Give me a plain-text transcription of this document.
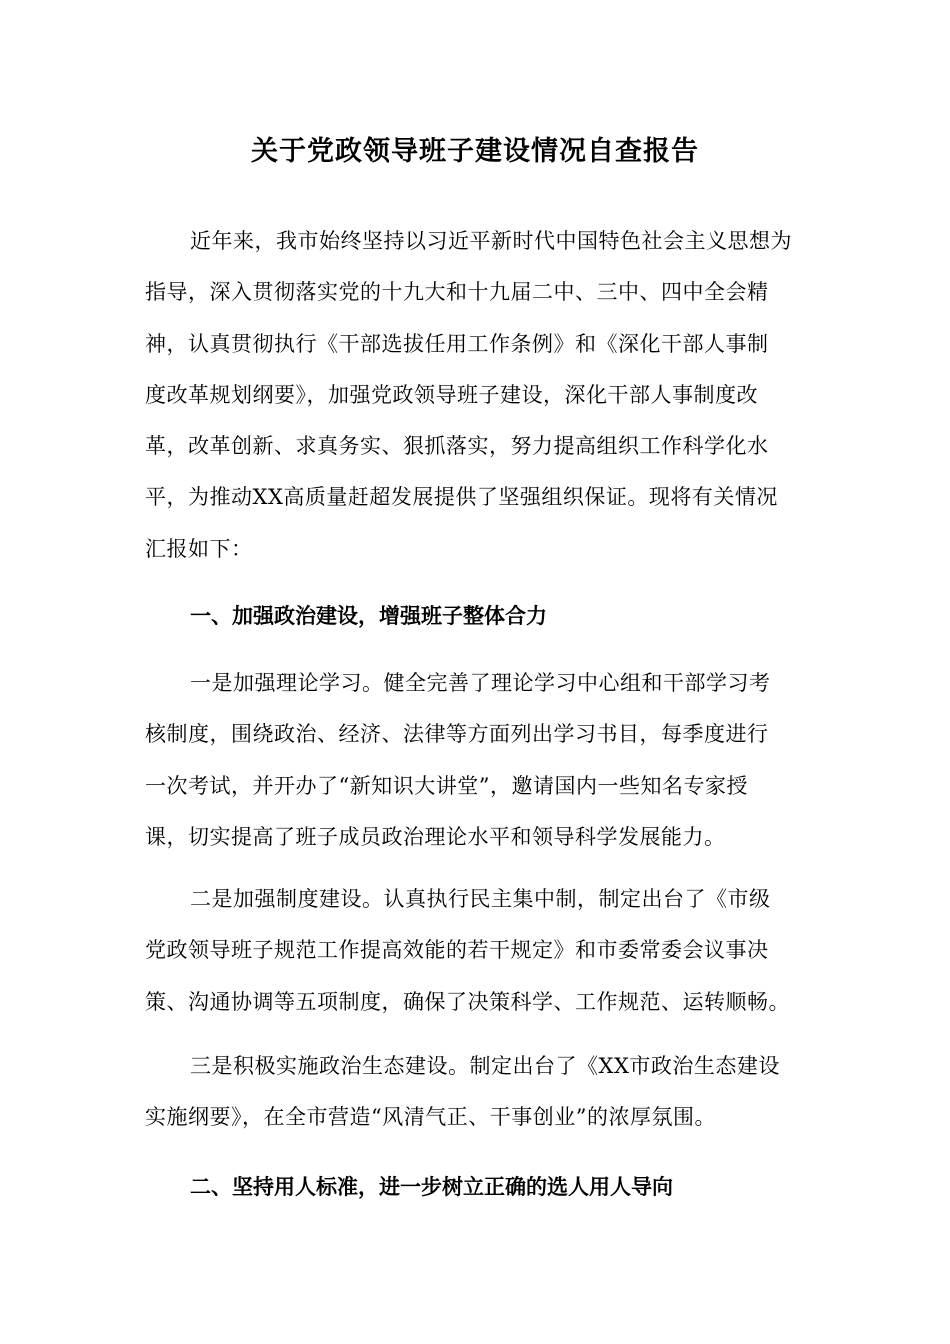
关于党政领导班子建设情况自查报告
近年来，我市始终坚持以习近平新时代中国特色社会主义思想为
指导，深入贯彻落实党的十九大和十九届二中、三中、四中全会精
神，认真贯彻执行《干部选拔任用工作条例》和《深化干部人事制
度改革规划纲要》，加强党政领导班子建设，深化干部人事制度改
革，改革创新、求真务实、狠抓落实，努力提高组织工作科学化水
平，为推动XX高质量赶超发展提供了坚强组织保证。现将有关情况
汇报如下：
一、加强政治建设，增强班子整体合力
一是加强理论学习。健全完善了理论学习中心组和干部学习考
核制度，围绕政治、经济、法律等方面列出学习书目，每季度进行
一次考试，并开办了“新知识大讲堂”，邀请国内一些知名专家授
课，切实提高了班子成员政治理论水平和领导科学发展能力。
二是加强制度建设。认真执行民主集中制，制定出台了《市级
党政领导班子规范工作提高效能的若干规定》和市委常委会议事决
策、沟通协调等五项制度，确保了决策科学、工作规范、运转顺畅。
三是积极实施政治生态建设。制定出台了《XX市政治生态建设
实施纲要》，在全市营造“风清气正、干事创业”的浓厚氛围。
二、坚持用人标准，进一步树立正确的选人用人导向
